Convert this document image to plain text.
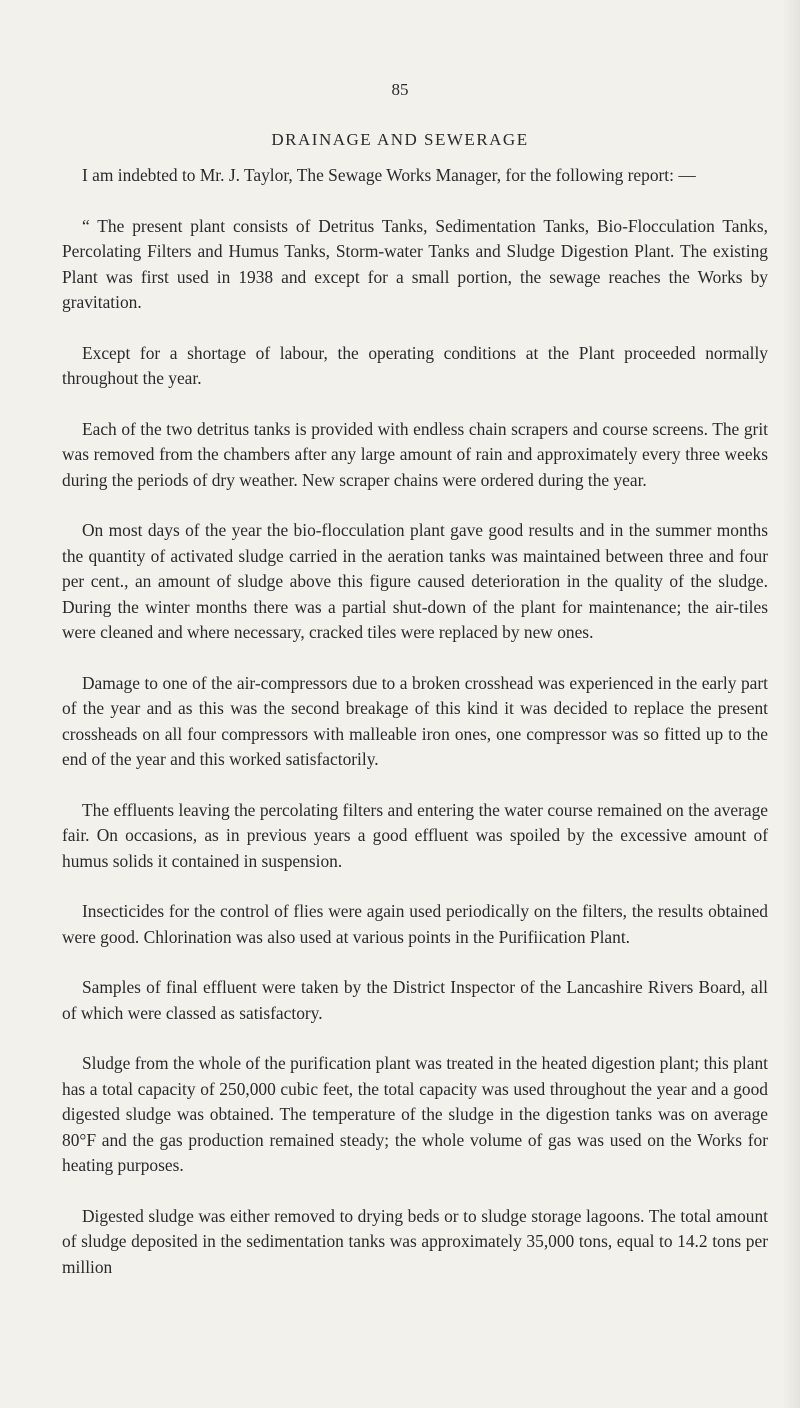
85
DRAINAGE AND SEWERAGE

I am indebted to Mr. J. Taylor, The Sewage Works Manager, for the following report: —

“ The present plant consists of Detritus Tanks, Sedimentation Tanks, Bio-Flocculation Tanks, Percolating Filters and Humus Tanks, Storm-water Tanks and Sludge Digestion Plant. The existing Plant was first used in 1938 and except for a small portion, the sewage reaches the Works by gravitation.

Except for a shortage of labour, the operating conditions at the Plant proceeded normally throughout the year.

Each of the two detritus tanks is provided with endless chain scrapers and course screens. The grit was removed from the chambers after any large amount of rain and approximately every three weeks during the periods of dry weather. New scraper chains were ordered during the year.

On most days of the year the bio-flocculation plant gave good results and in the summer months the quantity of activated sludge carried in the aeration tanks was maintained between three and four per cent., an amount of sludge above this figure caused deterioration in the quality of the sludge. During the winter months there was a partial shut-down of the plant for maintenance; the air-tiles were cleaned and where necessary, cracked tiles were replaced by new ones.

Damage to one of the air-compressors due to a broken crosshead was experienced in the early part of the year and as this was the second breakage of this kind it was decided to replace the present crossheads on all four compressors with malleable iron ones, one compressor was so fitted up to the end of the year and this worked satisfactorily.

The effluents leaving the percolating filters and entering the water course remained on the average fair. On occasions, as in previous years a good effluent was spoiled by the excessive amount of humus solids it contained in suspension.

Insecticides for the control of flies were again used periodically on the filters, the results obtained were good. Chlorination was also used at various points in the Purifiication Plant.

Samples of final effluent were taken by the District Inspector of the Lancashire Rivers Board, all of which were classed as satisfactory.

Sludge from the whole of the purification plant was treated in the heated digestion plant; this plant has a total capacity of 250,000 cubic feet, the total capacity was used throughout the year and a good digested sludge was obtained. The temperature of the sludge in the digestion tanks was on average 80°F and the gas production remained steady; the whole volume of gas was used on the Works for heating purposes.

Digested sludge was either removed to drying beds or to sludge storage lagoons. The total amount of sludge deposited in the sedimentation tanks was approximately 35,000 tons, equal to 14.2 tons per million
